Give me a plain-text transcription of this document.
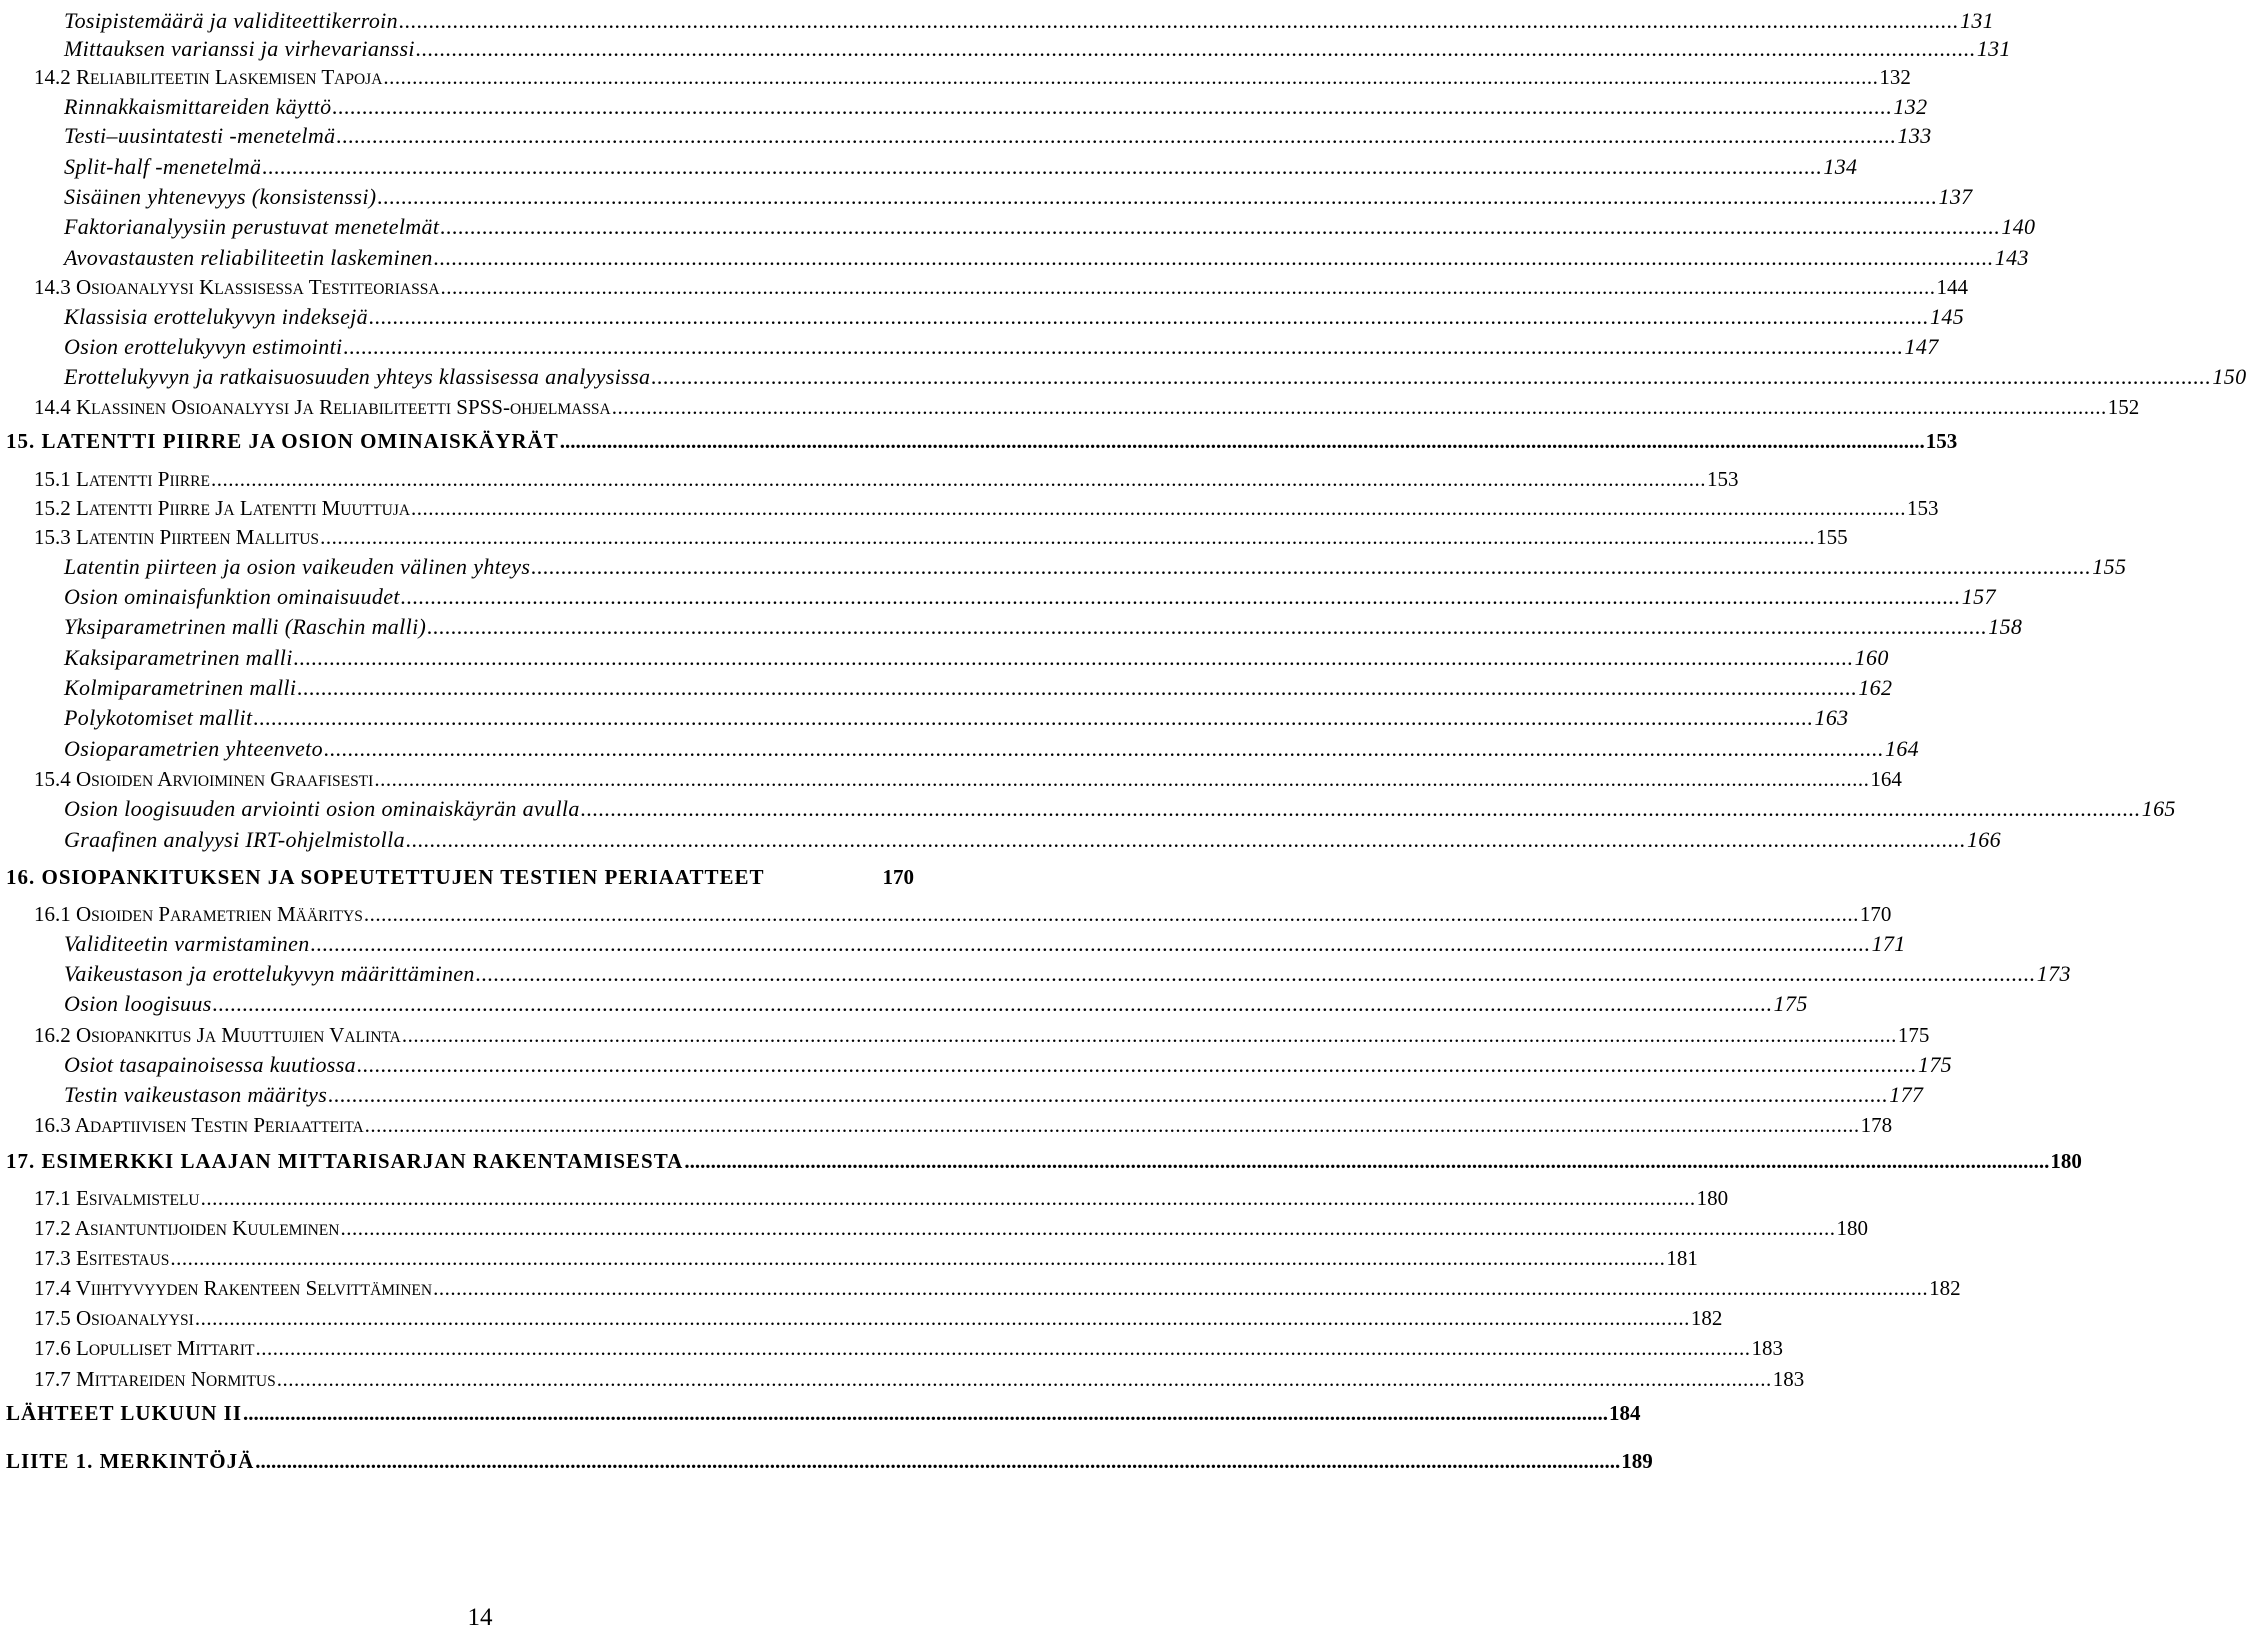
Tosipistemäärä ja validiteettikerroin .................................................................................................................................................................................................................................................................... 131
Mittauksen varianssi ja virhevarianssi .................................................................................................................................................................................................................................................................... 131
14.2 RELIABILITEETIN LASKEMISEN TAPOJA .................................................................................................................................................................................................................................................................... 132
Rinnakkaismittareiden käyttö .................................................................................................................................................................................................................................................................... 132
Testi–uusintatesti -menetelmä .................................................................................................................................................................................................................................................................... 133
Split-half -menetelmä .................................................................................................................................................................................................................................................................... 134
Sisäinen yhtenevyys (konsistenssi) .................................................................................................................................................................................................................................................................... 137
Faktorianalyysiin perustuvat menetelmät .................................................................................................................................................................................................................................................................... 140
Avovastausten reliabiliteetin laskeminen .................................................................................................................................................................................................................................................................... 143
14.3 OSIOANALYYSI KLASSISESSA TESTITEORIASSA .................................................................................................................................................................................................................................................................... 144
Klassisia erottelukyvyn indeksejä .................................................................................................................................................................................................................................................................... 145
Osion erottelukyvyn estimointi .................................................................................................................................................................................................................................................................... 147
Erottelukyvyn ja ratkaisuosuuden yhteys klassisessa analyysissa .................................................................................................................................................................................................................................................................... 150
14.4 KLASSINEN OSIOANALYYSI JA RELIABILITEETTI SPSS-OHJELMASSA .................................................................................................................................................................................................................................................................... 152
15. LATENTTI PIIRRE JA OSION OMINAISKÄYRÄT .................................................................................................................................................................................................................................................................... 153
15.1 LATENTTI PIIRRE .................................................................................................................................................................................................................................................................... 153
15.2 LATENTTI PIIRRE JA LATENTTI MUUTTUJA .................................................................................................................................................................................................................................................................... 153
15.3 LATENTIN PIIRTEEN MALLITUS .................................................................................................................................................................................................................................................................... 155
Latentin piirteen ja osion vaikeuden välinen yhteys .................................................................................................................................................................................................................................................................... 155
Osion ominaisfunktion ominaisuudet .................................................................................................................................................................................................................................................................... 157
Yksiparametrinen malli (Raschin malli) .................................................................................................................................................................................................................................................................... 158
Kaksiparametrinen malli .................................................................................................................................................................................................................................................................... 160
Kolmiparametrinen malli .................................................................................................................................................................................................................................................................... 162
Polykotomiset mallit .................................................................................................................................................................................................................................................................... 163
Osioparametrien yhteenveto .................................................................................................................................................................................................................................................................... 164
15.4 OSIOIDEN ARVIOIMINEN GRAAFISESTI .................................................................................................................................................................................................................................................................... 164
Osion loogisuuden arviointi osion ominaiskäyrän avulla .................................................................................................................................................................................................................................................................... 165
Graafinen analyysi IRT-ohjelmistolla .................................................................................................................................................................................................................................................................... 166
16. OSIOPANKITUKSEN JA SOPEUTETTUJEN TESTIEN PERIAATTEET	170
16.1 OSIOIDEN PARAMETRIEN MÄÄRITYS .................................................................................................................................................................................................................................................................... 170
Validiteetin varmistaminen .................................................................................................................................................................................................................................................................... 171
Vaikeustason ja erottelukyvyn määrittäminen .................................................................................................................................................................................................................................................................... 173
Osion loogisuus .................................................................................................................................................................................................................................................................... 175
16.2 OSIOPANKITUS JA MUUTTUJIEN VALINTA .................................................................................................................................................................................................................................................................... 175
Osiot tasapainoisessa kuutiossa .................................................................................................................................................................................................................................................................... 175
Testin vaikeustason määritys .................................................................................................................................................................................................................................................................... 177
16.3 ADAPTIIVISEN TESTIN PERIAATTEITA .................................................................................................................................................................................................................................................................... 178
17. ESIMERKKI LAAJAN MITTARISARJAN RAKENTAMISESTA .................................................................................................................................................................................................................................................................... 180
17.1 ESIVALMISTELU .................................................................................................................................................................................................................................................................... 180
17.2 ASIANTUNTIJOIDEN KUULEMINEN .................................................................................................................................................................................................................................................................... 180
17.3 ESITESTAUS .................................................................................................................................................................................................................................................................... 181
17.4 VIIHTYVYYDEN RAKENTEEN SELVITTÄMINEN .................................................................................................................................................................................................................................................................... 182
17.5 OSIOANALYYSI .................................................................................................................................................................................................................................................................... 182
17.6 LOPULLISET MITTARIT .................................................................................................................................................................................................................................................................... 183
17.7 MITTAREIDEN NORMITUS .................................................................................................................................................................................................................................................................... 183
LÄHTEET LUKUUN II .................................................................................................................................................................................................................................................................... 184
LIITE 1. MERKINTÖJÄ .................................................................................................................................................................................................................................................................... 189
14
